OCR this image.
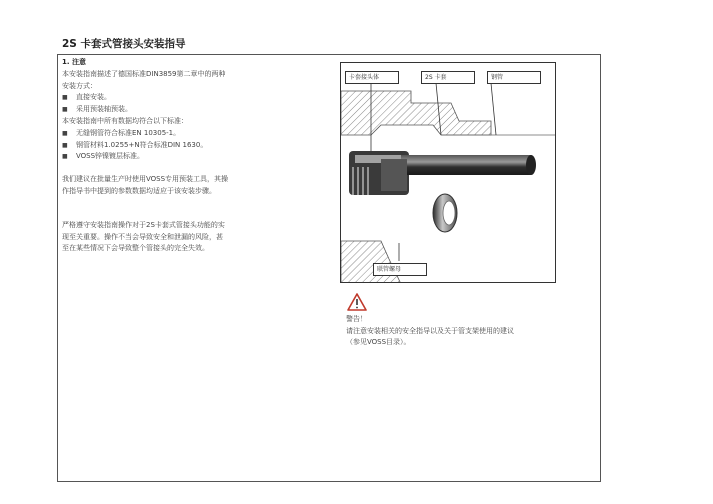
2S 卡套式管接头安装指导
1. 注意
本安装指南描述了德国标准DIN3859第二章中的两种
安装方式：
■	直接安装。
■	采用预装轴预装。
本安装指南中所有数据均符合以下标准：
■	无缝钢管符合标准EN 10305-1。
■	钢管材料1.0255+N符合标准DIN 1630。
■	VOSS锌镍镀层标准。
我们建议在批量生产时使用VOSS专用预装工具，其操
作指导书中提到的参数数据均适应于该安装步骤。
严格遵守安装指南操作对于2S卡套式管接头功能的实
现至关重要。操作不当会导致安全和泄漏的风险，甚
至在某些情况下会导致整个管接头的完全失效。
卡套接头体	2S 卡套	钢管
联管螺母
警告！
请注意安装相关的安全指导以及关于管支架使用的建议
（参见VOSS目录）。
